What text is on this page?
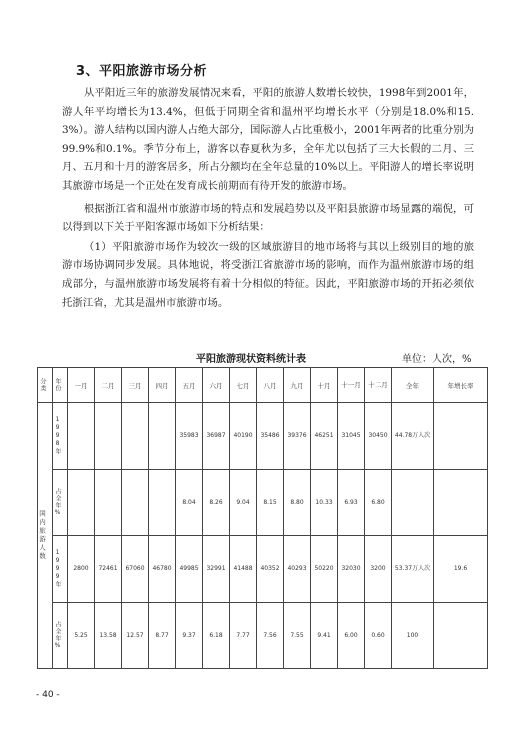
3、平阳旅游市场分析

从平阳近三年的旅游发展情况来看，平阳的旅游人数增长较快，1998年到2001年，游人年平均增长为13.4%，但低于同期全省和温州平均增长水平（分别是18.0%和15.3%）。游人结构以国内游人占绝大部分，国际游人占比重极小，2001年两者的比重分别为99.9%和0.1%。季节分布上，游客以春夏秋为多，全年尤以包括了三大长假的二月、三月、五月和十月的游客居多，所占分额均在全年总量的10%以上。平阳游人的增长率说明其旅游市场是一个正处在发育成长前期而有待开发的旅游市场。

根据浙江省和温州市旅游市场的特点和发展趋势以及平阳县旅游市场显露的端倪，可以得到以下关于平阳客源市场如下分析结果：

（1）平阳旅游市场作为较次一级的区域旅游目的地市场将与其以上级别目的地的旅游市场协调同步发展。具体地说，将受浙江省旅游市场的影响，而作为温州旅游市场的组成部分，与温州旅游市场发展将有着十分相似的特征。因此，平阳旅游市场的开拓必须依托浙江省，尤其是温州市旅游市场。

平阳旅游现状资料统计表	单位：人次，%
分类	年份	一月	二月	三月	四月	五月	六月	七月	八月	九月	十月	十一月	十二月	全年	年增长率

国内旅游人数	1998年					35983	36987	40190	35486	39376	46251	31045	30450	44.78万人次	

	占全年%					8.04	8.26	9.04	8.15	8.80	10.33	6.93	6.80		

	1999年	2800	72461	67060	46780	49985	32991	41488	40352	40293	50220	32030	3200	53.37万人次	19.6

	占全年%	5.25	13.58	12.57	8.77	9.37	6.18	7.77	7.56	7.55	9.41	6.00	0.60	100	
- 40 -
